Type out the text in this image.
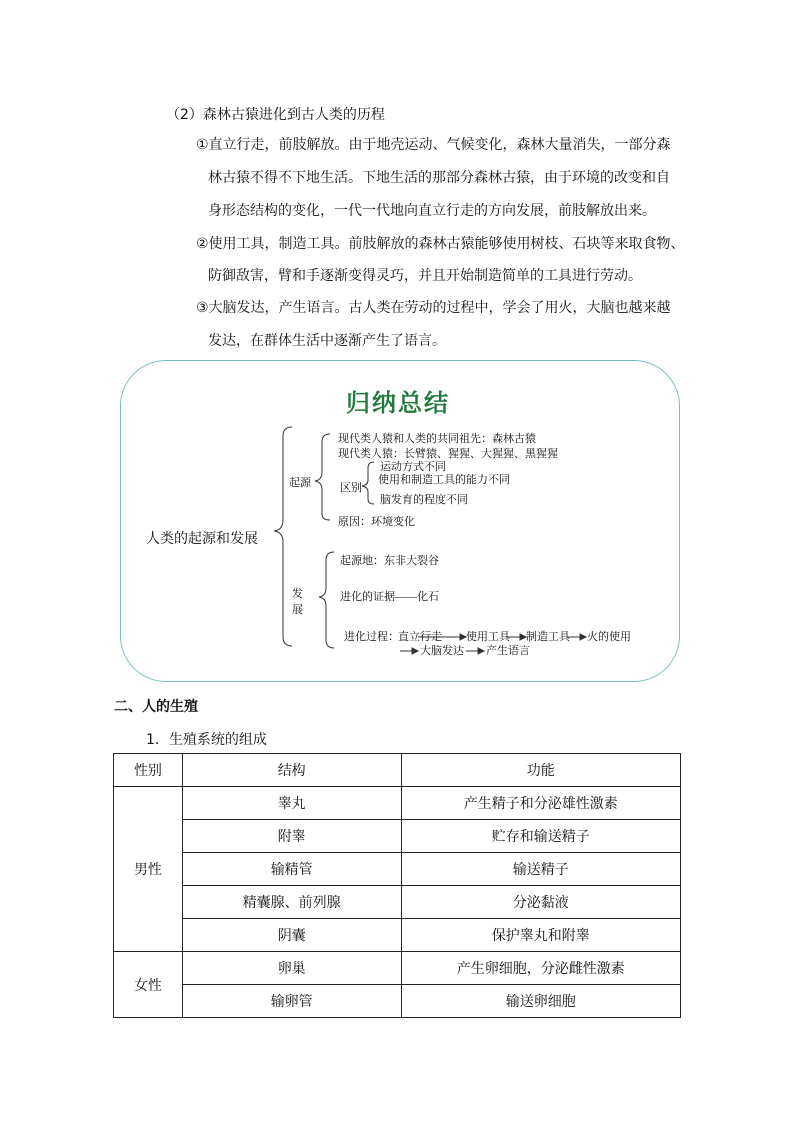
（2）森林古猿进化到古人类的历程
①直立行走，前肢解放。由于地壳运动、气候变化，森林大量消失，一部分森
林古猿不得不下地生活。下地生活的那部分森林古猿，由于环境的改变和自
身形态结构的变化，一代一代地向直立行走的方向发展，前肢解放出来。
②使用工具，制造工具。前肢解放的森林古猿能够使用树枝、石块等来取食物、
防御敌害，臂和手逐渐变得灵巧，并且开始制造简单的工具进行劳动。
③大脑发达，产生语言。古人类在劳动的过程中，学会了用火，大脑也越来越
发达，在群体生活中逐渐产生了语言。
归纳总结
人类的起源和发展
起源
现代类人猿和人类的共同祖先：森林古猿
现代类人猿：长臂猿、猩猩、大猩猩、黑猩猩
区别
运动方式不同
使用和制造工具的能力不同
脑发育的程度不同
原因：环境变化
发
展
起源地：东非大裂谷
进化的证据——化石
进化过程： 直立行走 使用工具 制造工具 火的使用
大脑发达 产生语言
二、人的生殖
1．生殖系统的组成
性别	结构	功能
男性	睾丸	产生精子和分泌雄性激素
	附睾	贮存和输送精子
	输精管	输送精子
	精囊腺、前列腺	分泌黏液
	阴囊	保护睾丸和附睾
女性	卵巢	产生卵细胞，分泌雌性激素
	输卵管	输送卵细胞
